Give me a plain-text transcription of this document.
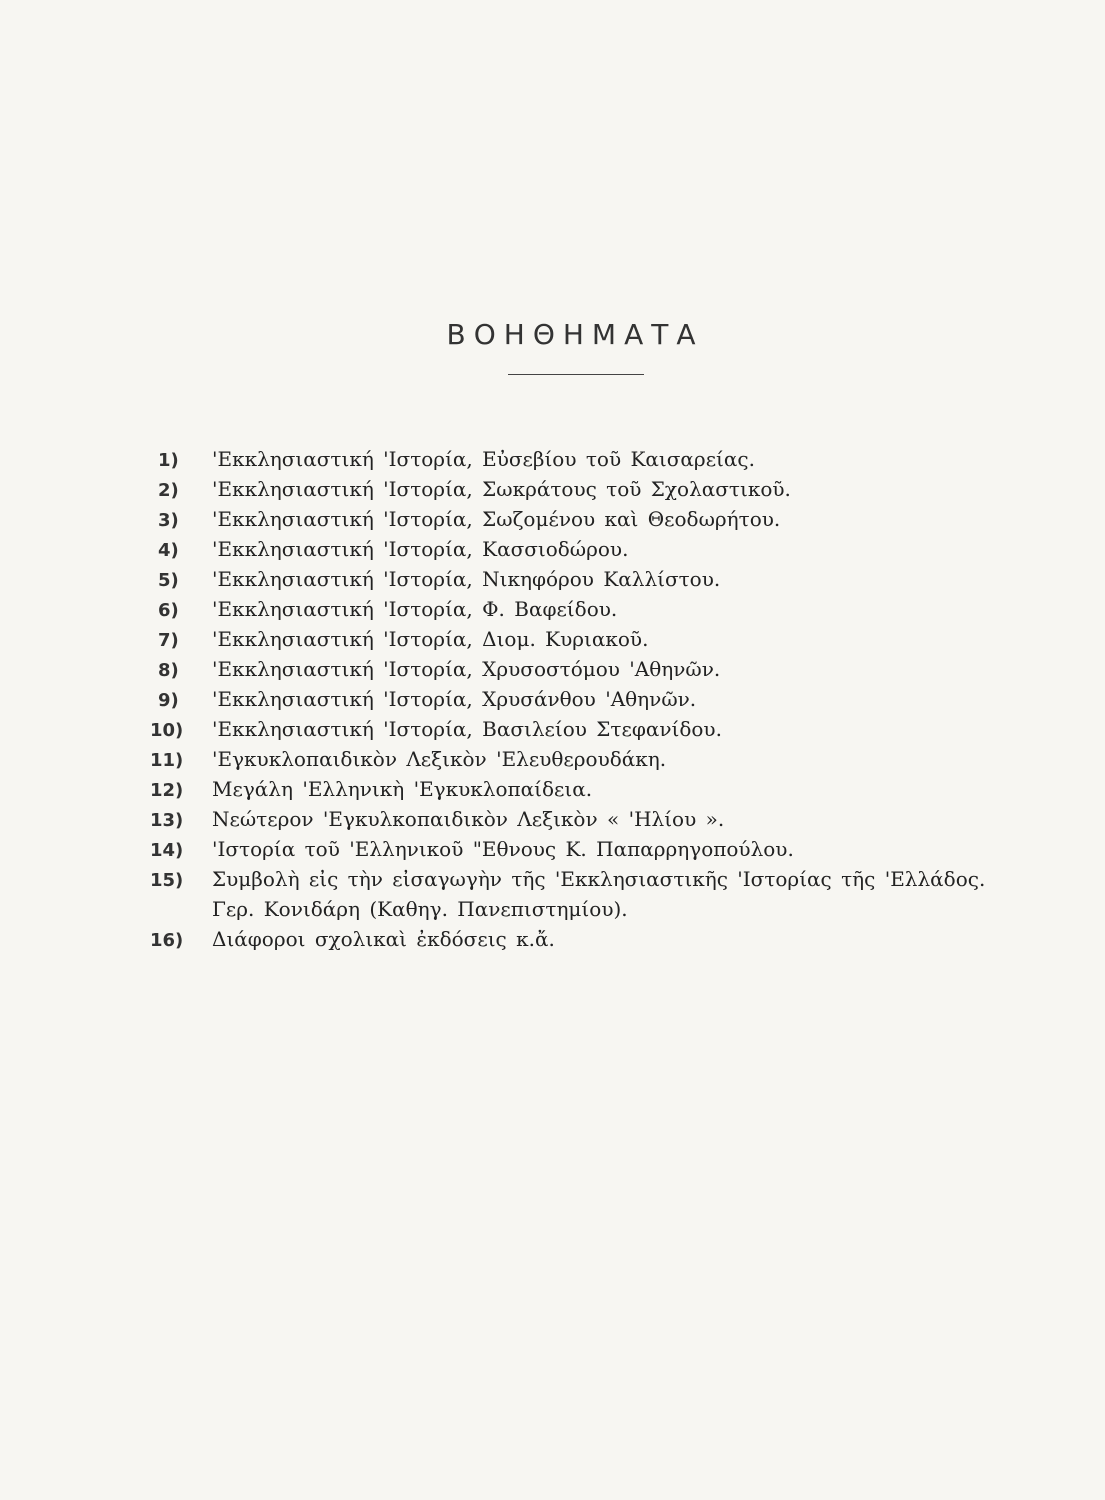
ΒΟΗΘΗΜΑΤΑ
1)	'Εκκλησιαστική 'Ιστορία, Εὐσεβίου τοῦ Καισαρείας.
2)	'Εκκλησιαστική 'Ιστορία, Σωκράτους τοῦ Σχολαστικοῦ.
3)	'Εκκλησιαστική 'Ιστορία, Σωζομένου καὶ Θεοδωρήτου.
4)	'Εκκλησιαστική 'Ιστορία, Κασσιοδώρου.
5)	'Εκκλησιαστική 'Ιστορία, Νικηφόρου Καλλίστου.
6)	'Εκκλησιαστική 'Ιστορία, Φ. Βαφείδου.
7)	'Εκκλησιαστική 'Ιστορία, Διομ. Κυριακοῦ.
8)	'Εκκλησιαστική 'Ιστορία, Χρυσοστόμου 'Αθηνῶν.
9)	'Εκκλησιαστική 'Ιστορία, Χρυσάνθου 'Αθηνῶν.
10)	'Εκκλησιαστική 'Ιστορία, Βασιλείου Στεφανίδου.
11)	'Εγκυκλοπαιδικὸν Λεξικὸν 'Ελευθερουδάκη.
12)	Μεγάλη 'Ελληνικὴ 'Εγκυκλοπαίδεια.
13)	Νεώτερον 'Εγκυλκοπαιδικὸν Λεξικὸν « 'Ηλίου ».
14)	'Ιστορία τοῦ 'Ελληνικοῦ "Εθνους Κ. Παπαρρηγοπούλου.
15)	Συμβολὴ εἰς τὴν εἰσαγωγὴν τῆς 'Εκκλησιαστικῆς 'Ιστορίας τῆς 'Ελλάδος.
Γερ. Κονιδάρη (Καθηγ. Πανεπιστημίου).
16)	Διάφοροι σχολικαὶ ἐκδόσεις κ.ἄ.
